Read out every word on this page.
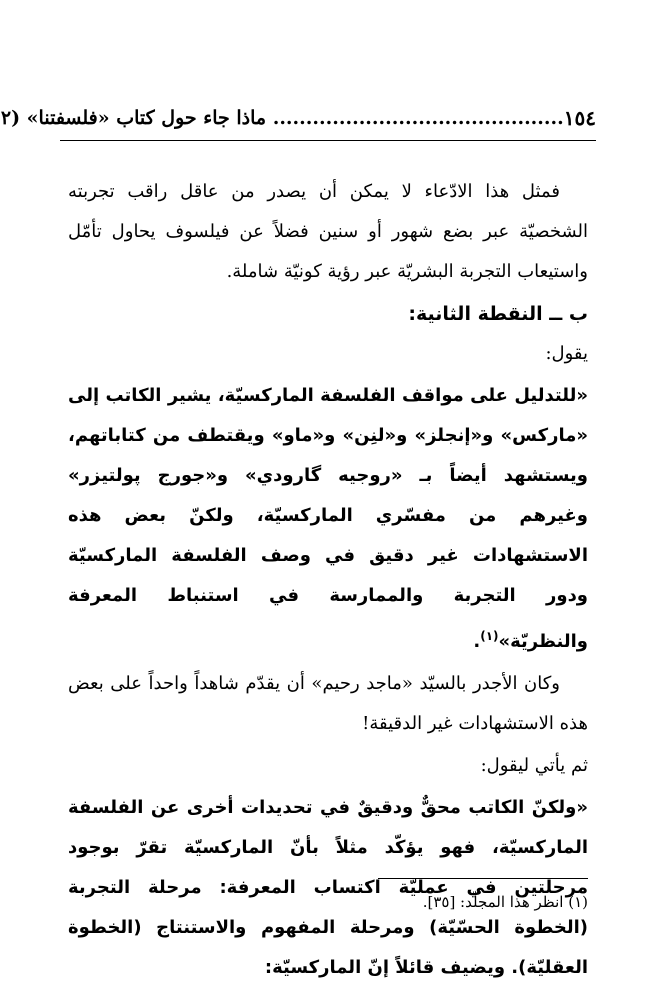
١٥٤
............................................ ماذا جاء حول كتاب «فلسفتنا» (٢

فمثل هذا الادّعاء لا يمكن أن يصدر من عاقل راقب تجربته الشخصيّة عبر بضع شهور أو سنين فضلاً عن فيلسوف يحاول تأمّل واستيعاب التجربة البشريّة عبر رؤية كونيّة شاملة.

ب ــ النقطة الثانية:

يقول:

«للتدليل على مواقف الفلسفة الماركسيّة، يشير الكاتب إلى «ماركس» و«إنجلز» و«لنِن» و«ماو» ويقتطف من كتاباتهم، ويستشهد أيضاً بـ «روجيه گارودي» و«جورج پولتيزر» وغيرهم من مفسّري الماركسيّة، ولكنّ بعض هذه الاستشهادات غير دقيق في وصف الفلسفة الماركسيّة ودور التجربة والممارسة في استنباط المعرفة والنظريّة»$^{(١)}$.

وكان الأجدر بالسيّد «ماجد رحيم» أن يقدّم شاهداً واحداً على بعض هذه الاستشهادات غير الدقيقة!

ثم يأتي ليقول:

«ولكنّ الكاتب محقٌّ ودقيقٌ في تحديدات أخرى عن الفلسفة الماركسيّة، فهو يؤكّد مثلاً بأنّ الماركسيّة تقرّ بوجود مرحلتين في عمليّة اكتساب المعرفة: مرحلة التجربة (الخطوة الحسّيّة) ومرحلة المفهوم والاستنتاج (الخطوة العقليّة). ويضيف قائلاً إنّ الماركسيّة:

(١) انظر هذا المجلّد: [٣٥].
